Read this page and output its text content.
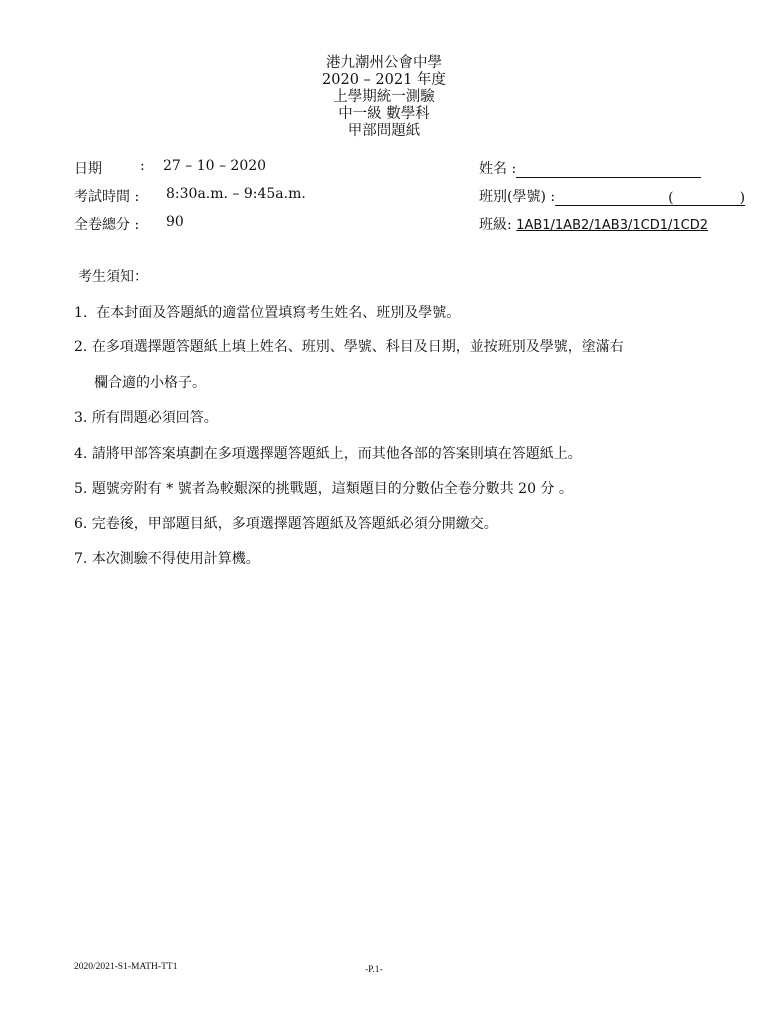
港九潮州公會中學
2020 – 2021 年度
上學期統一測驗
中一級 數學科
甲部問題紙
日期	: 27 – 10 – 2020
考試時間 : 8:30a.m. – 9:45a.m.
全卷總分 : 90
姓名 :
班別(學號) :	(	)
班級: 1AB1/1AB2/1AB3/1CD1/1CD2
考生須知：
1. 在本封面及答題紙的適當位置填寫考生姓名、班別及學號。
2. 在多項選擇題答題紙上填上姓名、班別、學號、科目及日期，並按班別及學號，塗滿右
欄合適的小格子。
3. 所有問題必須回答。
4. 請將甲部答案填劃在多項選擇題答題紙上，而其他各部的答案則填在答題紙上。
5. 題號旁附有 * 號者為較艱深的挑戰題，這類題目的分數佔全卷分數共 20 分 。
6. 完卷後，甲部題目紙，多項選擇題答題紙及答題紙必須分開繳交。
7. 本次測驗不得使用計算機。
2020/2021-S1-MATH-TT1	-P.1-
